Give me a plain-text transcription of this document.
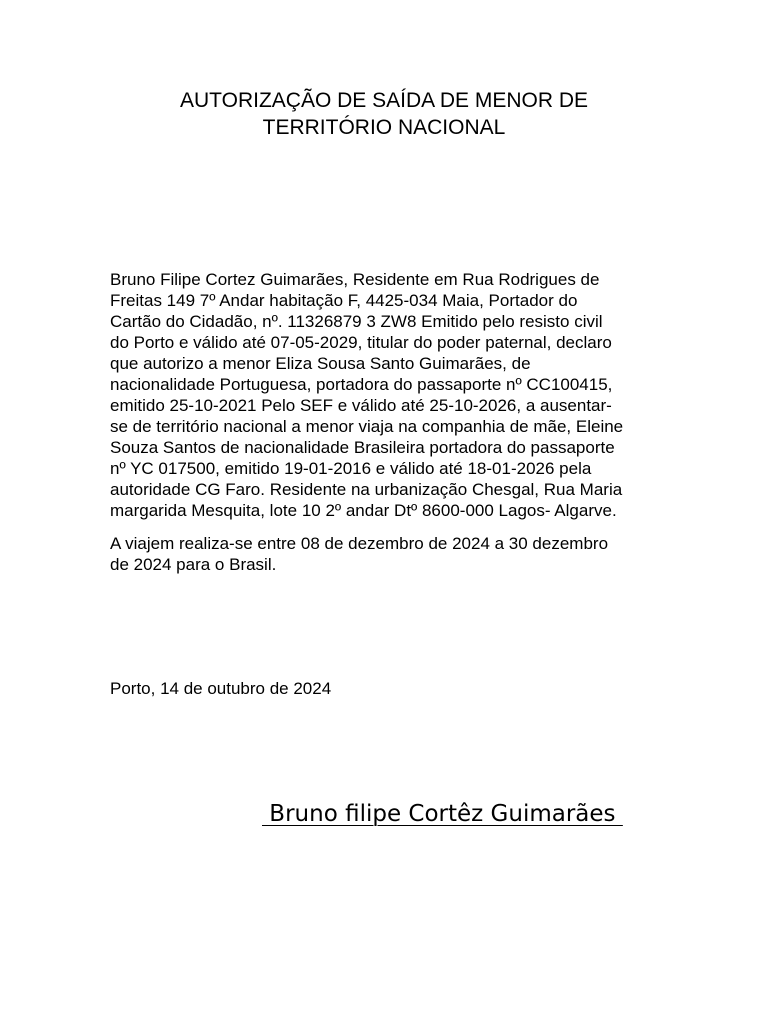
AUTORIZAÇÃO DE SAÍDA DE MENOR DE
TERRITÓRIO NACIONAL

Bruno Filipe Cortez Guimarães, Residente em Rua Rodrigues de
Freitas 149 7º Andar habitação F, 4425-034 Maia, Portador do
Cartão do Cidadão, nº. 11326879 3 ZW8 Emitido pelo resisto civil
do Porto e válido até 07-05-2029, titular do poder paternal, declaro
que autorizo a menor Eliza Sousa Santo Guimarães, de
nacionalidade Portuguesa, portadora do passaporte nº CC100415,
emitido 25-10-2021 Pelo SEF e válido até 25-10-2026, a ausentar-
se de território nacional a menor viaja na companhia de mãe, Eleine
Souza Santos de nacionalidade Brasileira portadora do passaporte
nº YC 017500, emitido 19-01-2016 e válido até 18-01-2026 pela
autoridade CG Faro. Residente na urbanização Chesgal, Rua Maria
margarida Mesquita, lote 10 2º andar Dtº 8600-000 Lagos- Algarve.

A viajem realiza-se entre 08 de dezembro de 2024 a 30 dezembro
de 2024 para o Brasil.

Porto, 14 de outubro de 2024

Bruno filipe Cortêz Guimarães
